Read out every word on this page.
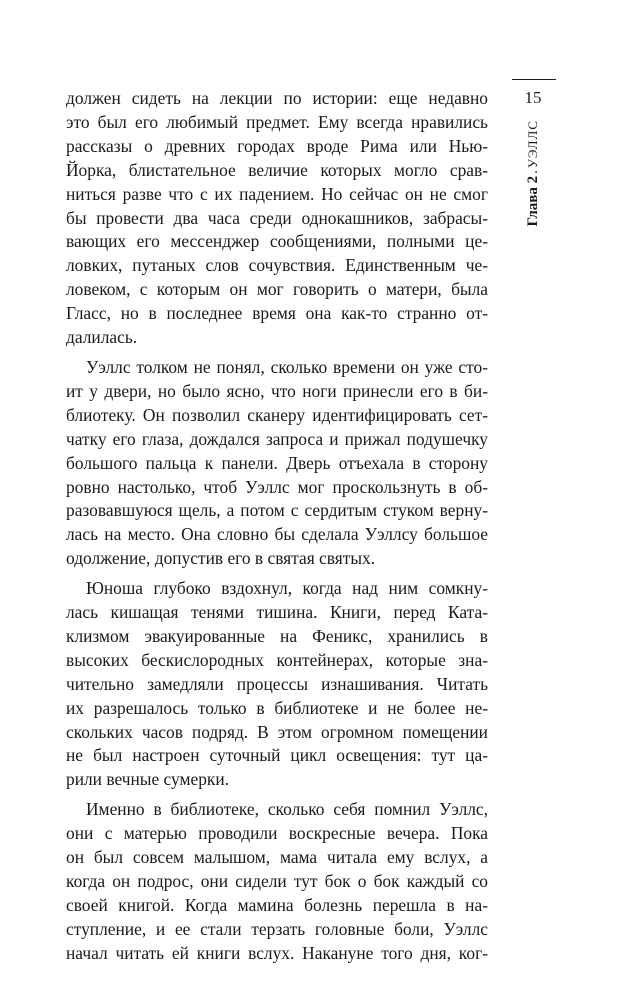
15
Глава 2.УЭЛЛС

должен сидеть на лекции по истории: еще недавно
это был его любимый предмет. Ему всегда нравились
рассказы о древних городах вроде Рима или Нью-
Йорка, блистательное величие которых могло срав-
ниться разве что с их падением. Но сейчас он не смог
бы провести два часа среди однокашников, забрасы-
вающих его мессенджер сообщениями, полными це-
ловких, путаных слов сочувствия. Единственным че-
ловеком, с которым он мог говорить о матери, была
Гласс, но в последнее время она как-то странно от-
далилась.

Уэллс толком не понял, сколько времени он уже сто-
ит у двери, но было ясно, что ноги принесли его в би-
блиотеку. Он позволил сканеру идентифицировать сет-
чатку его глаза, дождался запроса и прижал подушечку
большого пальца к панели. Дверь отъехала в сторону
ровно настолько, чтоб Уэллс мог проскользнуть в об-
разовавшуюся щель, а потом с сердитым стуком верну-
лась на место. Она словно бы сделала Уэллсу большое
одолжение, допустив его в святая святых.

Юноша глубоко вздохнул, когда над ним сомкну-
лась кишащая тенями тишина. Книги, перед Ката-
клизмом эвакуированные на Феникс, хранились в
высоких бескислородных контейнерах, которые зна-
чительно замедляли процессы изнашивания. Читать
их разрешалось только в библиотеке и не более не-
скольких часов подряд. В этом огромном помещении
не был настроен суточный цикл освещения: тут ца-
рили вечные сумерки.

Именно в библиотеке, сколько себя помнил Уэллс,
они с матерью проводили воскресные вечера. Пока
он был совсем малышом, мама читала ему вслух, а
когда он подрос, они сидели тут бок о бок каждый со
своей книгой. Когда мамина болезнь перешла в на-
ступление, и ее стали терзать головные боли, Уэллс
начал читать ей книги вслух. Накануне того дня, ког-
